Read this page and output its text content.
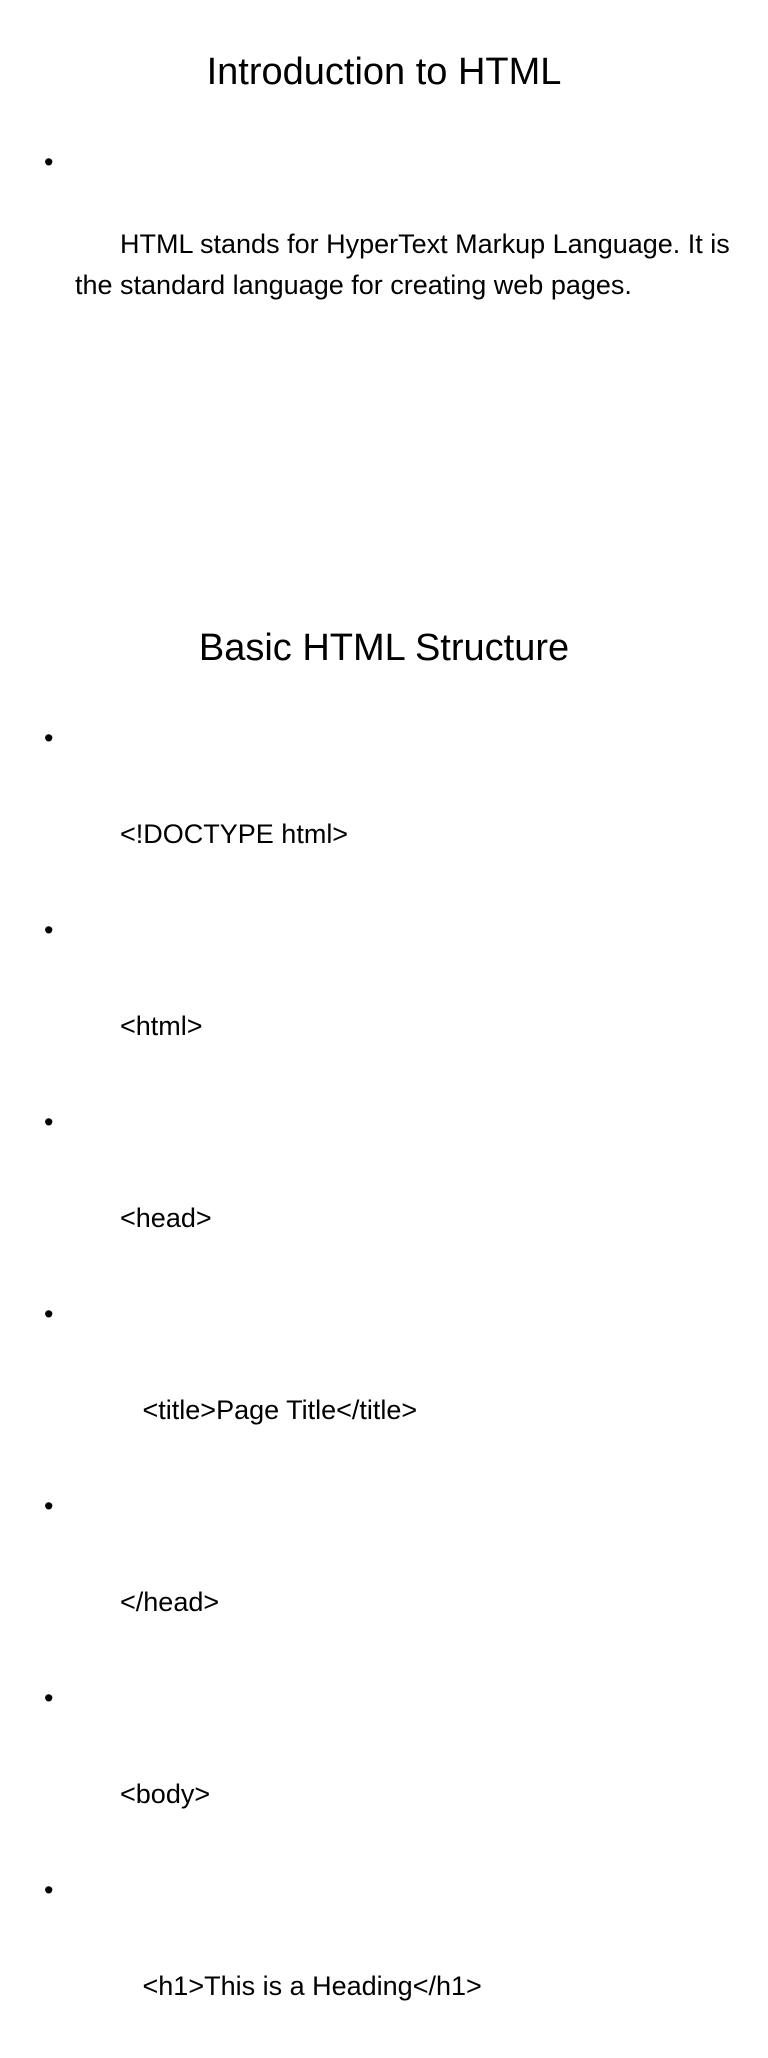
Introduction to HTML

•

HTML stands for HyperText Markup Language. It is the standard language for creating web pages.

Basic HTML Structure

•

<!DOCTYPE html>

•

<html>

•

<head>

•

<title>Page Title</title>

•

</head>

•

<body>

•

<h1>This is a Heading</h1>
